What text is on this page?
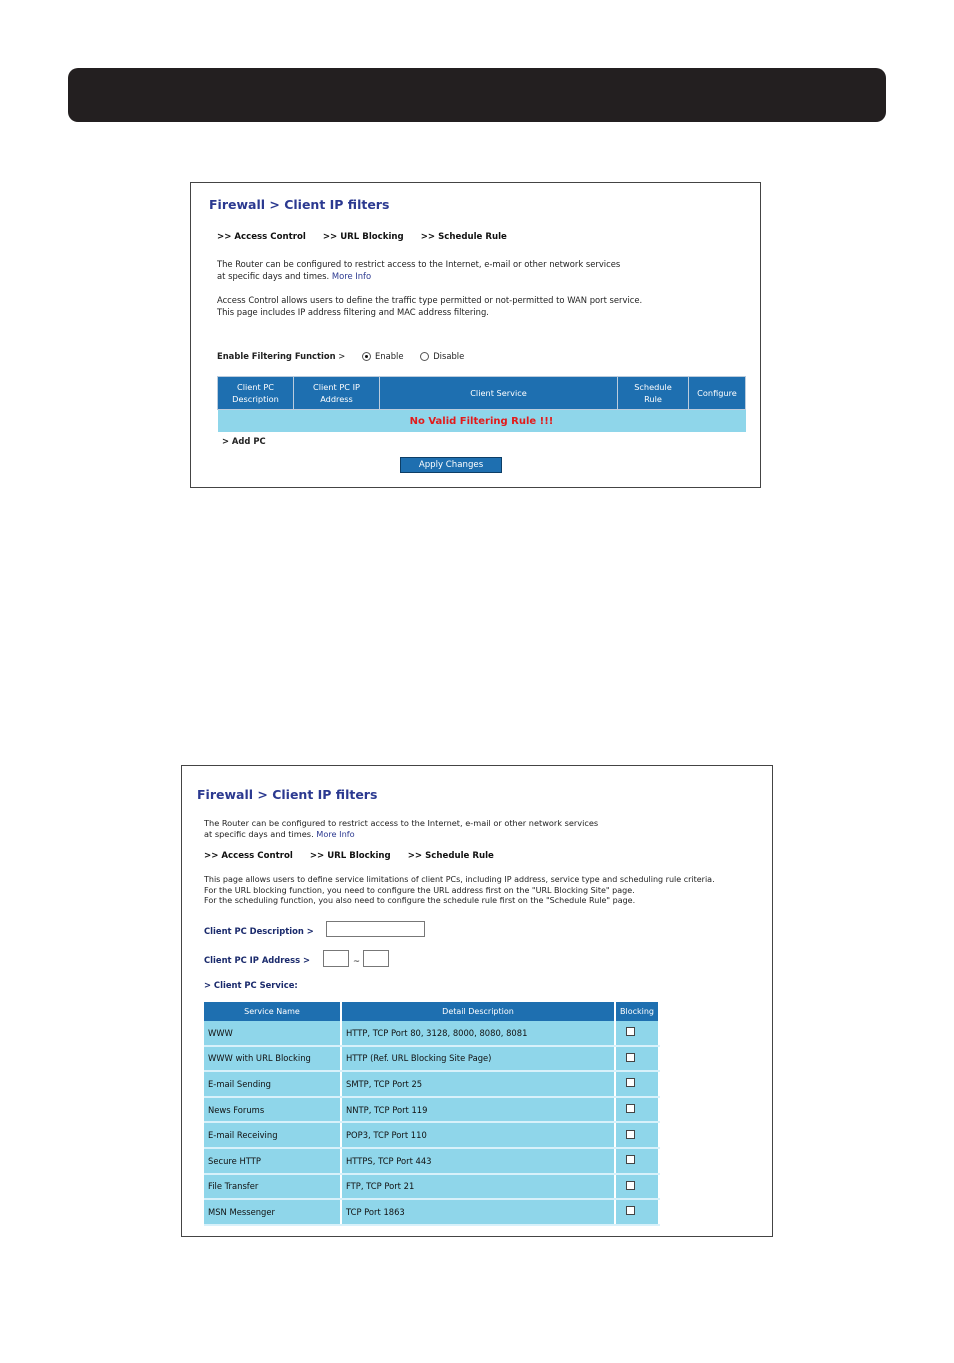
Firewall > Client IP filters
>> Access Control >> URL Blocking >> Schedule Rule
The Router can be configured to restrict access to the Internet, e-mail or other network services
at specific days and times. More Info
Access Control allows users to define the traffic type permitted or not-permitted to WAN port service.
This page includes IP address filtering and MAC address filtering.
Enable Filtering Function >	Enable	Disable
Client PC
Description

Client PC IP
Address

Client Service

Schedule
Rule

Configure

No Valid Filtering Rule !!!
> Add PC
Apply Changes
Firewall > Client IP filters
The Router can be configured to restrict access to the Internet, e-mail or other network services
at specific days and times. More Info
>> Access Control >> URL Blocking >> Schedule Rule
This page allows users to define service limitations of client PCs, including IP address, service type and scheduling rule criteria.
For the URL blocking function, you need to configure the URL address first on the "URL Blocking Site" page.
For the scheduling function, you also need to configure the schedule rule first on the "Schedule Rule" page.
Client PC Description >
Client PC IP Address >	~
> Client PC Service:
Service Name	Detail Description	Blocking
WWW	HTTP, TCP Port 80, 3128, 8000, 8080, 8081	
WWW with URL Blocking	HTTP (Ref. URL Blocking Site Page)	
E-mail Sending	SMTP, TCP Port 25	
News Forums	NNTP, TCP Port 119	
E-mail Receiving	POP3, TCP Port 110	
Secure HTTP	HTTPS, TCP Port 443	
File Transfer	FTP, TCP Port 21	
MSN Messenger	TCP Port 1863	
